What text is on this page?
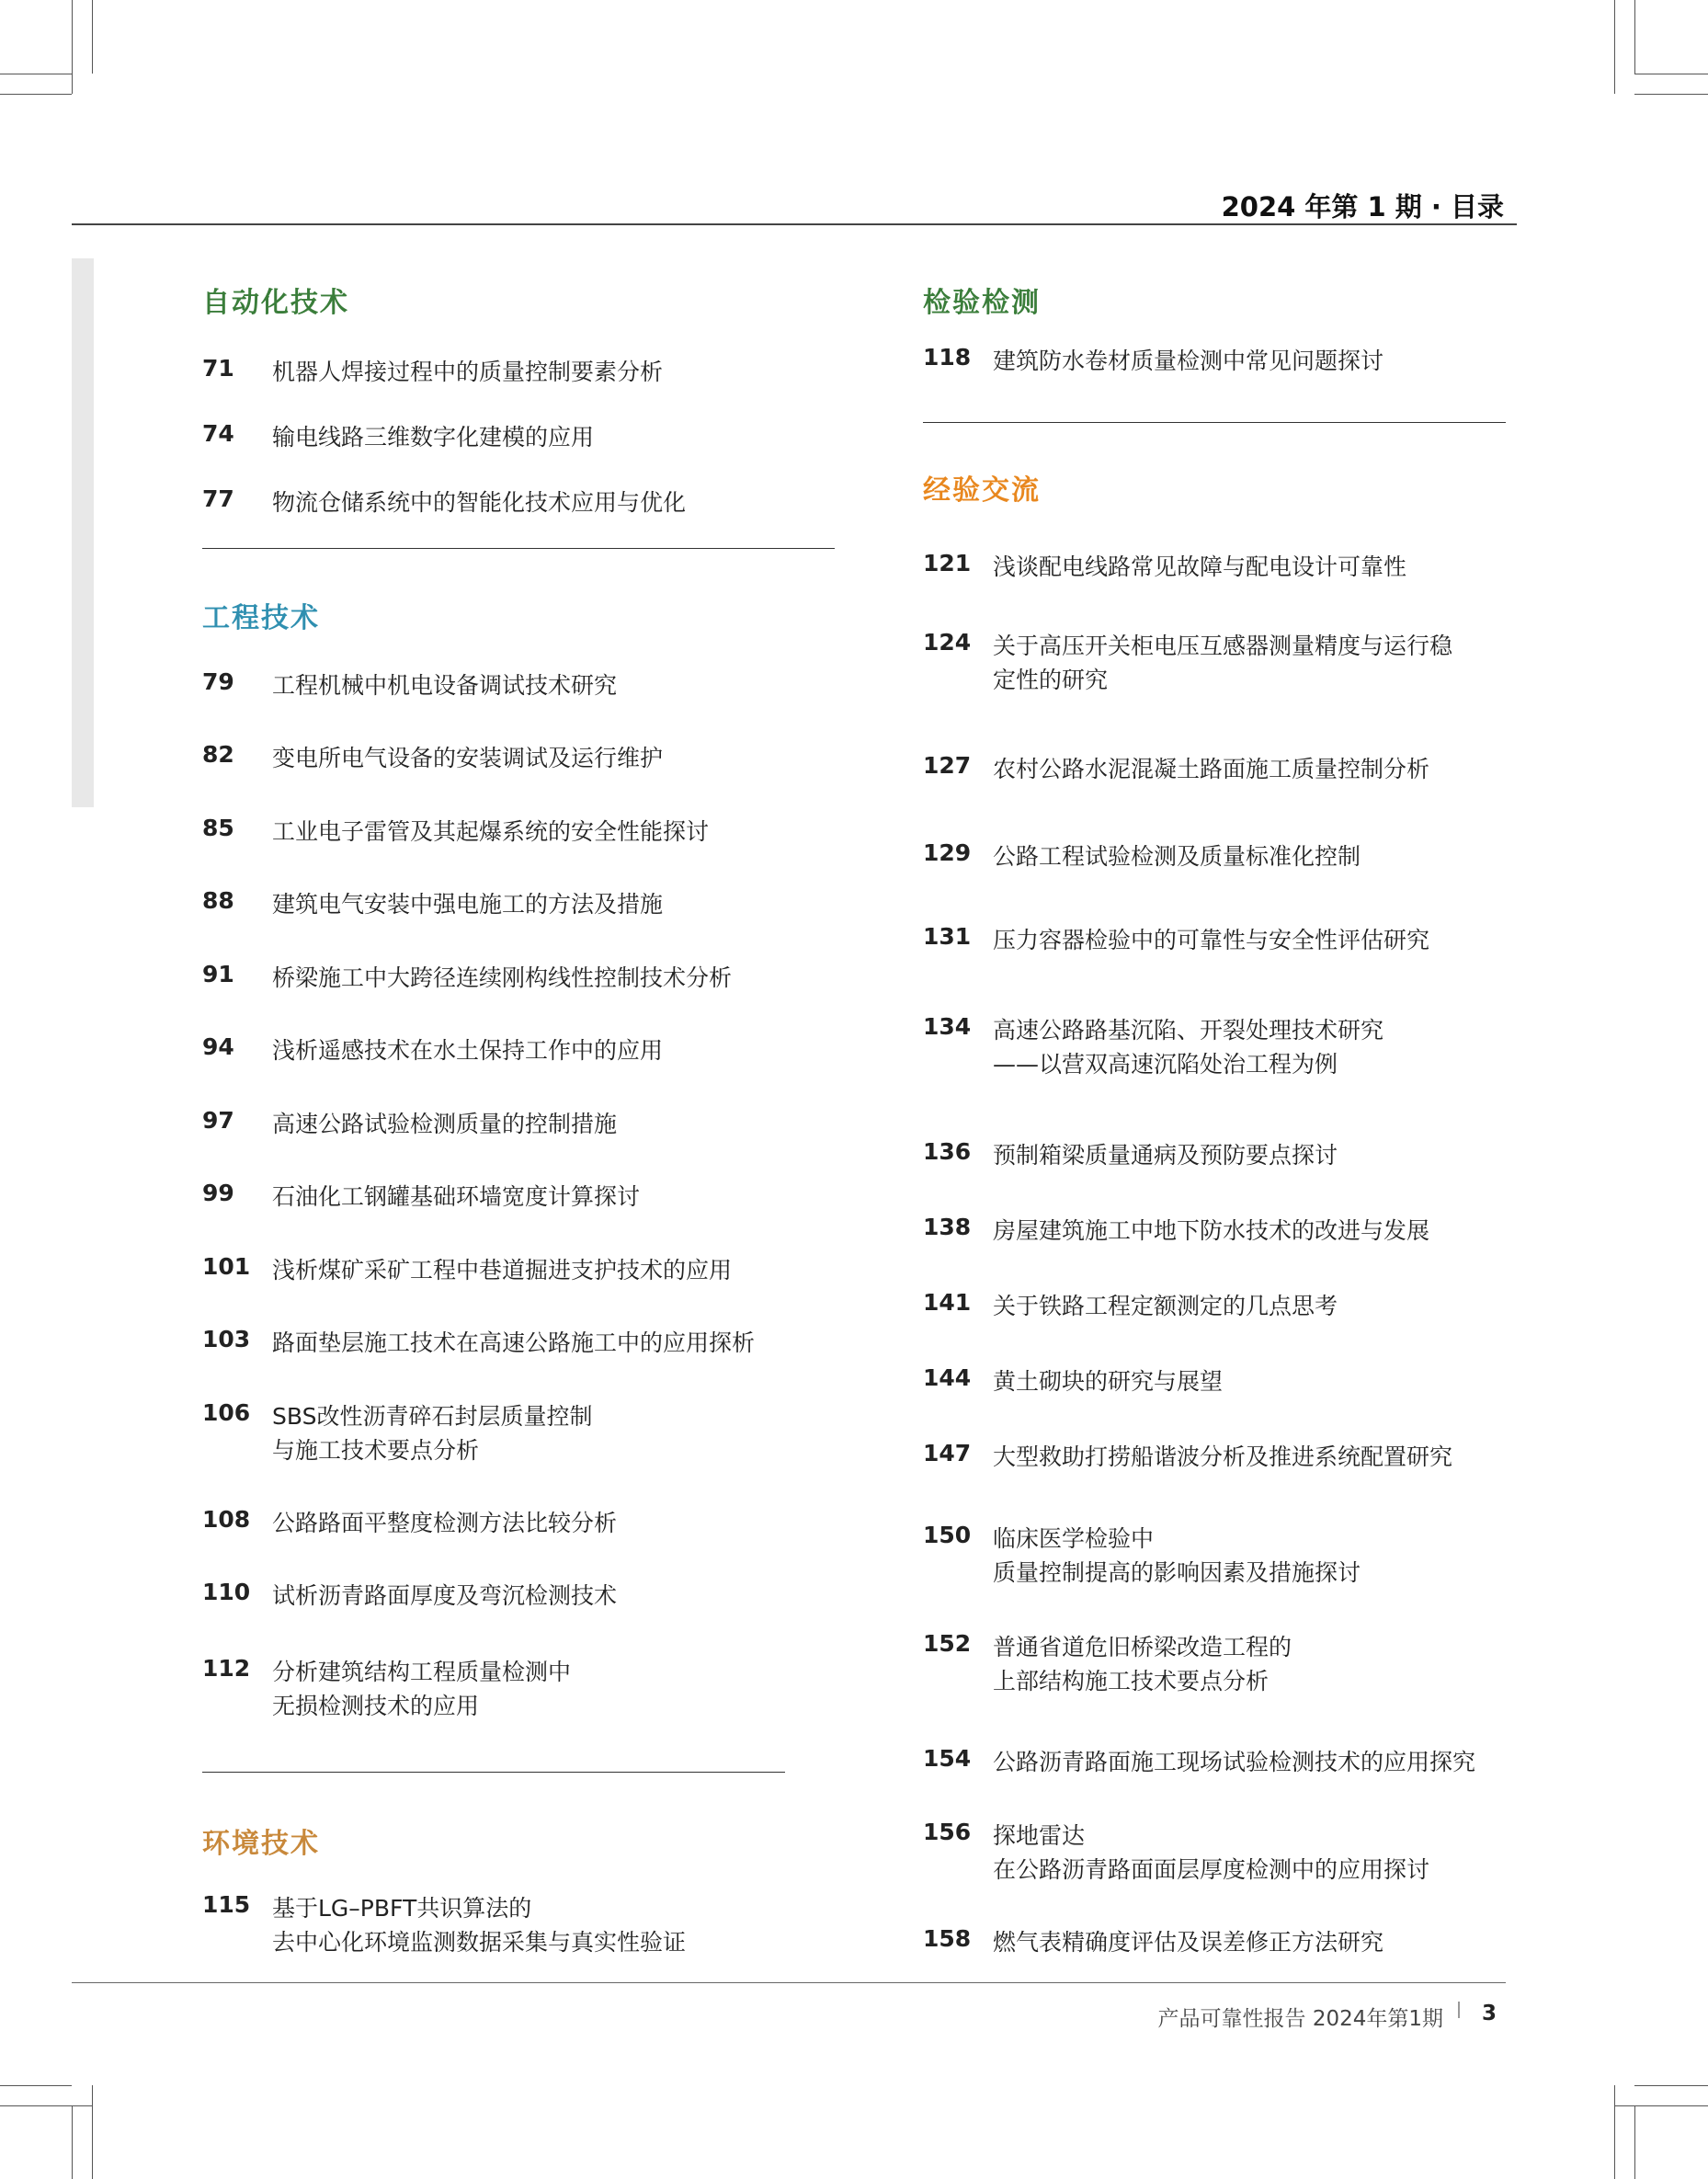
2024 年第 1 期 · 目录
自动化技术
71 机器人焊接过程中的质量控制要素分析
74 输电线路三维数字化建模的应用
77 物流仓储系统中的智能化技术应用与优化
工程技术
79 工程机械中机电设备调试技术研究
82 变电所电气设备的安装调试及运行维护
85 工业电子雷管及其起爆系统的安全性能探讨
88 建筑电气安装中强电施工的方法及措施
91 桥梁施工中大跨径连续刚构线性控制技术分析
94 浅析遥感技术在水土保持工作中的应用
97 高速公路试验检测质量的控制措施
99 石油化工钢罐基础环墙宽度计算探讨
101 浅析煤矿采矿工程中巷道掘进支护技术的应用
103 路面垫层施工技术在高速公路施工中的应用探析
106 SBS改性沥青碎石封层质量控制
与施工技术要点分析
108 公路路面平整度检测方法比较分析
110 试析沥青路面厚度及弯沉检测技术
112 分析建筑结构工程质量检测中
无损检测技术的应用
环境技术
115 基于LG–PBFT共识算法的
去中心化环境监测数据采集与真实性验证
检验检测
118 建筑防水卷材质量检测中常见问题探讨
经验交流
121 浅谈配电线路常见故障与配电设计可靠性
124 关于高压开关柜电压互感器测量精度与运行稳
定性的研究
127 农村公路水泥混凝土路面施工质量控制分析
129 公路工程试验检测及质量标准化控制
131 压力容器检验中的可靠性与安全性评估研究
134 高速公路路基沉陷、开裂处理技术研究
——以营双高速沉陷处治工程为例
136 预制箱梁质量通病及预防要点探讨
138 房屋建筑施工中地下防水技术的改进与发展
141 关于铁路工程定额测定的几点思考
144 黄土砌块的研究与展望
147 大型救助打捞船谐波分析及推进系统配置研究
150 临床医学检验中
质量控制提高的影响因素及措施探讨
152 普通省道危旧桥梁改造工程的
上部结构施工技术要点分析
154 公路沥青路面施工现场试验检测技术的应用探究
156 探地雷达
在公路沥青路面面层厚度检测中的应用探讨
158 燃气表精确度评估及误差修正方法研究
产品可靠性报告 2024年第1期 3
